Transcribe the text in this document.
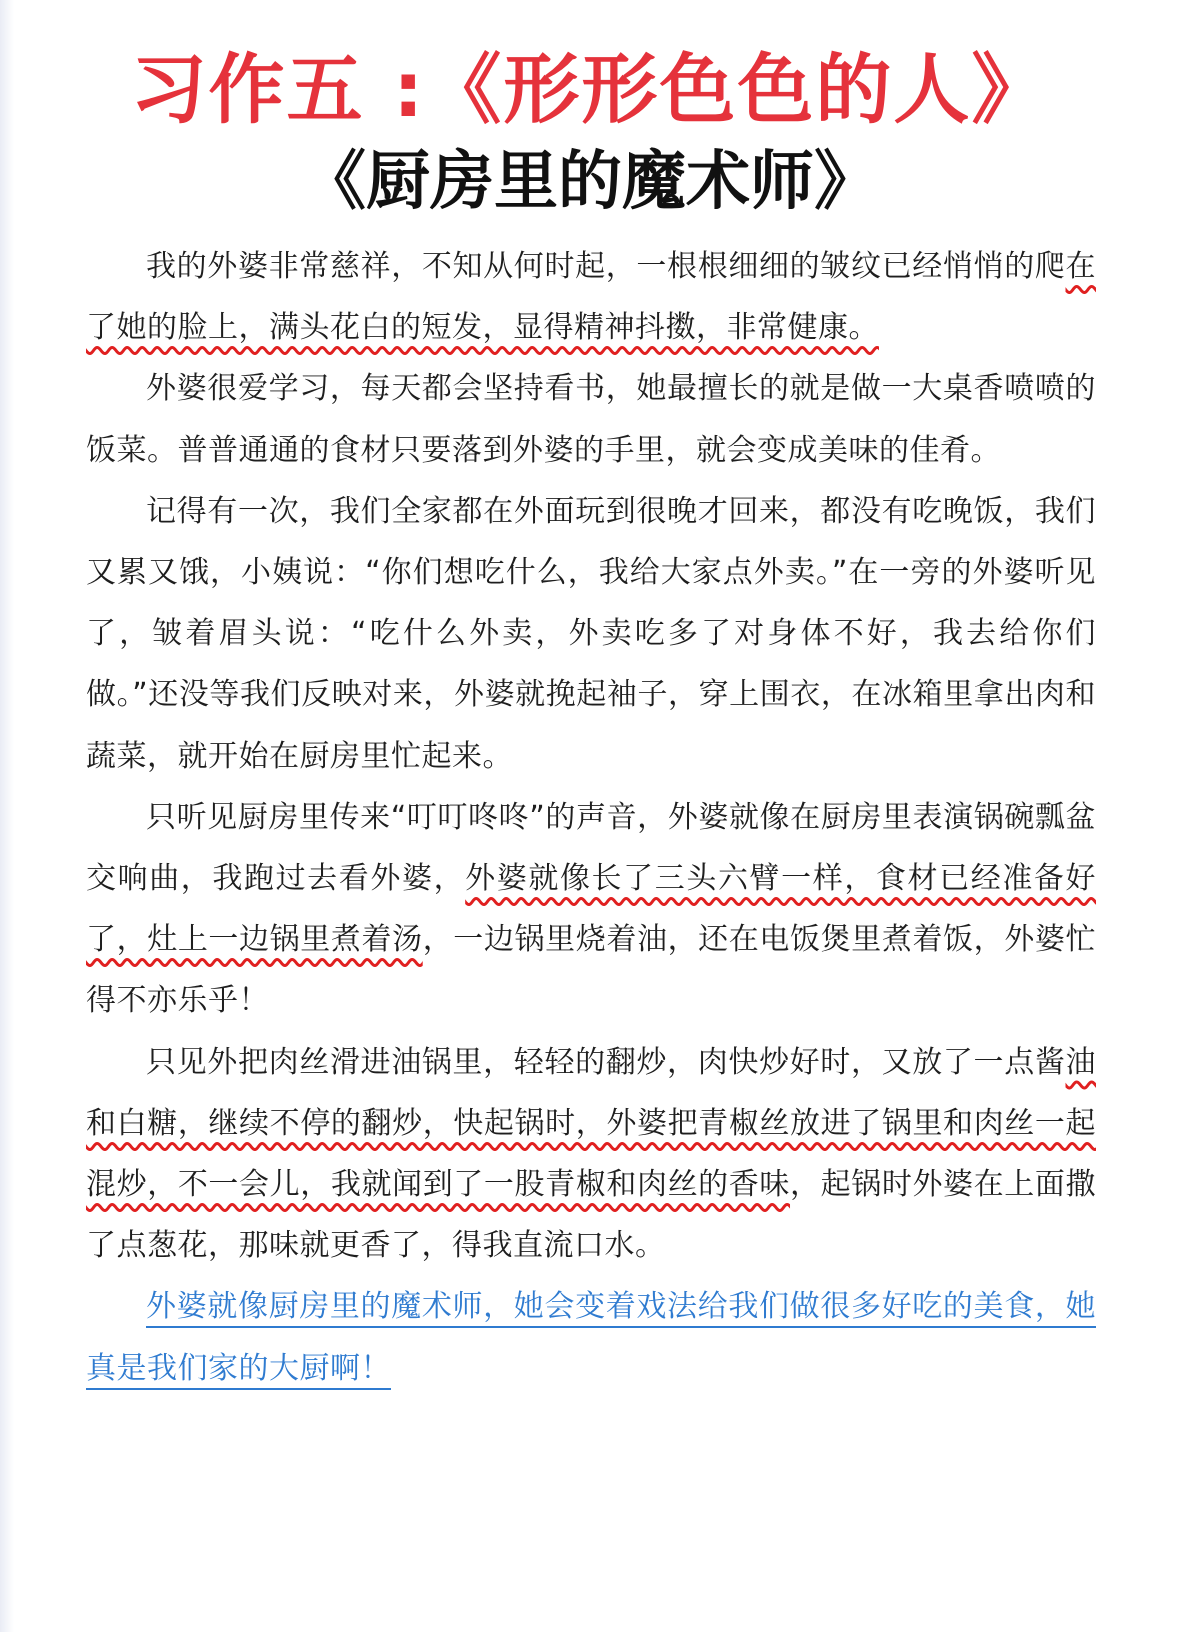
习作五 :《形形色色的人》
《厨房里的魔术师》

我的外婆非常慈祥，不知从何时起，一根根细细的皱纹已经悄悄的爬在了她的脸上，满头花白的短发，显得精神抖擞，非常健康。

外婆很爱学习，每天都会坚持看书，她最擅长的就是做一大桌香喷喷的饭菜。普普通通的食材只要落到外婆的手里，就会变成美味的佳肴。

记得有一次，我们全家都在外面玩到很晚才回来，都没有吃晚饭，我们又累又饿，小姨说：“你们想吃什么，我给大家点外卖。”在一旁的外婆听见了，皱着眉头说：“吃什么外卖，外卖吃多了对身体不好，我去给你们做。”还没等我们反映对来，外婆就挽起袖子，穿上围衣，在冰箱里拿出肉和蔬菜，就开始在厨房里忙起来。

只听见厨房里传来“叮叮咚咚”的声音，外婆就像在厨房里表演锅碗瓢盆交响曲，我跑过去看外婆，外婆就像长了三头六臂一样，食材已经准备好了，灶上一边锅里煮着汤，一边锅里烧着油，还在电饭煲里煮着饭，外婆忙得不亦乐乎！

只见外把肉丝滑进油锅里，轻轻的翻炒，肉快炒好时，又放了一点酱油和白糖，继续不停的翻炒，快起锅时，外婆把青椒丝放进了锅里和肉丝一起混炒，不一会儿，我就闻到了一股青椒和肉丝的香味，起锅时外婆在上面撒了点葱花，那味就更香了，得我直流口水。

外婆就像厨房里的魔术师，她会变着戏法给我们做很多好吃的美食，她真是我们家的大厨啊！
